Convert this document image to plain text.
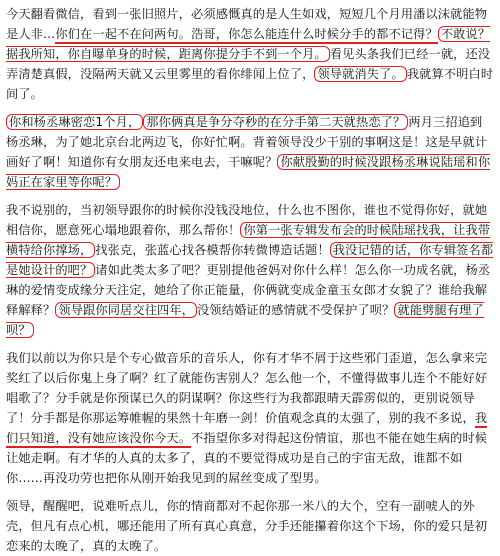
今天翻看微信，看到一张旧照片，必须感慨真的是人生如戏，短短几个月用潘以沫就能物是人非…你们在一起不在问两句。浩哥，你怎么能连什么时候分手的都不记得？ 不敢说？据我所知，你自曝单身的时候，距离你提分手不到一个月。 看见头条我们已经一就，还没弄清楚真假，没隔两天就又云里雾里的看你绯闻上位了， 领导就消失了。 我就算不明白时间了。

你和杨丞琳密恋1个月， 那你俩真是争分夺秒的在分手第二天就热恋了？ 两月三招追到杨丞琳，为了她北京台北两边飞，你好忙啊。背着领导没少干别的事啊这是！这是早就计画好了啊！知道你有女朋友还电来电去，干嘛呢？ 你献殷勤的时候没跟杨丞琳说陆瑶和你妈正在家里等你呢？

我不说别的，当初领导跟你的时候你没钱没地位，什么也不图你，谁也不觉得你好，就她相信你，愿意死心塌地跟着你，那么帮你！ 你第一张专辑发布会的时候陆瑶找我，让我带横特给你撑场， 找张克，张蓝心找各模帮你转微博造话题！ 我没记错的话，你专辑签名都是她设计的吧？ 诸如此类太多了吧？更别提他爸妈对你什么样！怎么你一功成名就，杨丞琳的爱情变成缘分天注定，她给了你正能量，你俩就变成金童玉女郎才女貌了？谁给我解释解释？ 领导跟你同居交往四年， 没领结婚证的感情就不受保护了呗？ 就能劈腿有理了呗？

我们以前以为你只是个专心做音乐的音乐人，你有才华不屑于这些邪门歪道，怎么拿来完奖红了以后你鬼上身了啊？红了就能伤害别人？怎么他一个，不懂得做事儿连个不能好好唱歌了？分手就是你预谋已久的阴谋啊？你这些行为我都跟晴天霹雳似的，更别说领导了！分手都是你那运筹帷幄的果然十年磨一剑！价值观念真的太强了，别的我不多说，我们只知道，没有她应该没你今天。不指望你多对得起这份情谊，那也不能在她生病的时候让她走啊。有才华的人真的太多了，真的不要觉得成功是自己的宇宙无敌，谁都不如你……再没功劳也把你从刚开始我见到的屌丝变成了型男。

领导，醒醒吧，说难听点儿，你的情商都对不起你那一米八的大个，空有一副唬人的外壳，但凡有点心机，哪还能用了所有真心真意，分手还能攥着你这个下场，你的爱只是初恋来的太晚了，真的太晚了。
